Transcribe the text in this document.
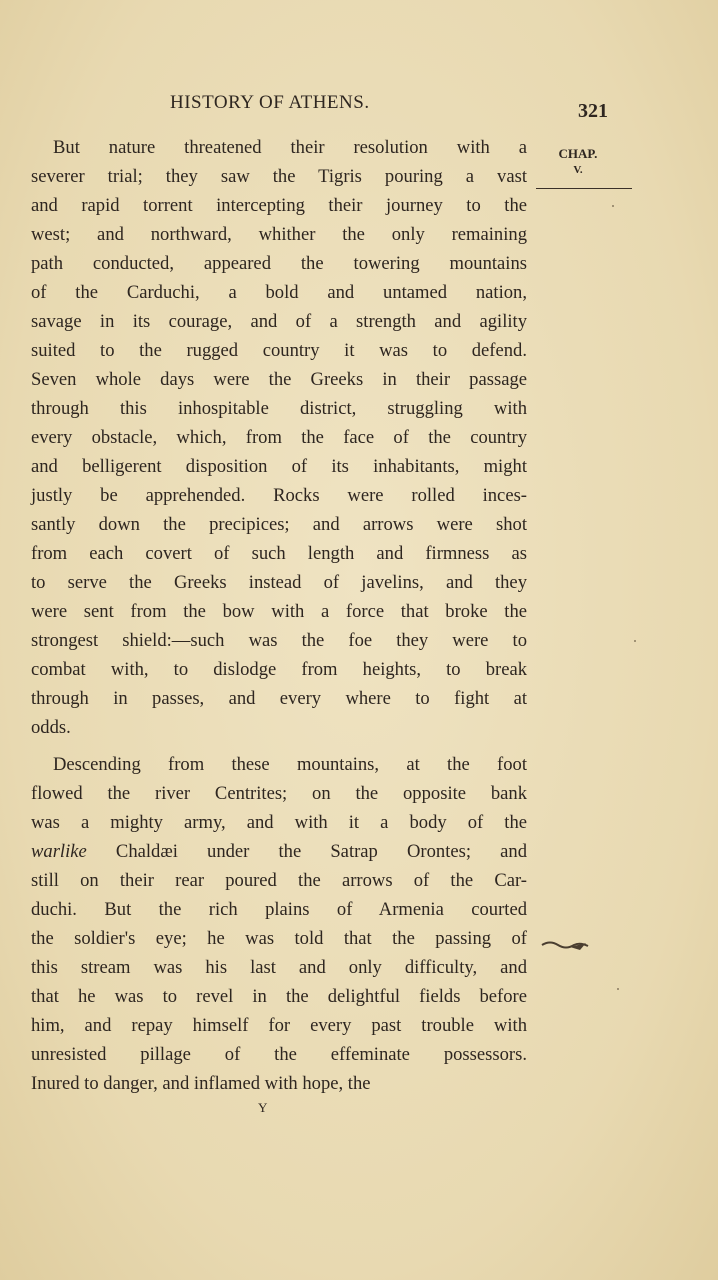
HISTORY OF ATHENS.	321
CHAP.
V.
But nature threatened their resolution with a
severer trial; they saw the Tigris pouring a vast
and rapid torrent intercepting their journey to the
west; and northward, whither the only remaining
path conducted, appeared the towering mountains
of the Carduchi, a bold and untamed nation,
savage in its courage, and of a strength and agility
suited to the rugged country it was to defend.
Seven whole days were the Greeks in their passage
through this inhospitable district, struggling with
every obstacle, which, from the face of the country
and belligerent disposition of its inhabitants, might
justly be apprehended. Rocks were rolled inces-
santly down the precipices; and arrows were shot
from each covert of such length and firmness as
to serve the Greeks instead of javelins, and they
were sent from the bow with a force that broke the
strongest shield:—such was the foe they were to
combat with, to dislodge from heights, to break
through in passes, and every where to fight at
odds.
Descending from these mountains, at the foot
flowed the river Centrites; on the opposite bank
was a mighty army, and with it a body of the
warlike Chaldæi under the Satrap Orontes; and
still on their rear poured the arrows of the Car-
duchi. But the rich plains of Armenia courted
the soldier's eye; he was told that the passing of
this stream was his last and only difficulty, and
that he was to revel in the delightful fields before
him, and repay himself for every past trouble with
unresisted pillage of the effeminate possessors.
Inured to danger, and inflamed with hope, the
Y
